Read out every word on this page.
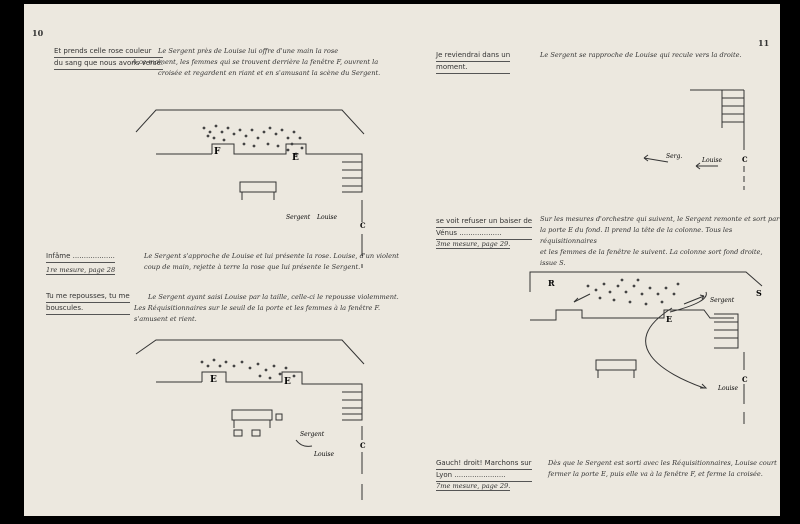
10
Et prends celle rose couleur
du sang que nous avons versé.
Le Sergent près de Louise lui offre d'une main la rose
A ce moment, les femmes qui se trouvent derrière la fenêtre F, ouvrent la
croisée et regardent en riant et en s'amusant la scène du Sergent.
Infâme ...................
1re mesure, page 28
Le Sergent s'approche de Louise et lui présente la rose. Louise, d'un violent
coup de main, rejette à terre la rose que lui présente le Sergent.
Tu me repousses, tu me
bouscules.
Le Sergent ayant saisi Louise par la taille, celle-ci le repousse violemment.
Les Réquisitionnaires sur le seuil de la porte et les femmes à la fenêtre F.
s'amusent et rient.
F
E
C
Sergent Louise
E	E
C
Sergent
Louise
11
Je reviendrai dans un
moment.
Le Sergent se rapproche de Louise qui recule vers la droite.
se voit refuser un baiser de
Vénus ...................
3me mesure, page 29.
Sur les mesures d'orchestre qui suivent, le Sergent remonte et sort par
la porte E du fond. Il prend la tête de la colonne. Tous les réquisitionnaires
et les femmes de la fenêtre le suivent. La colonne sort fond droite, issue S.
Gauch! droit! Marchons sur
Lyon .......................
7me mesure, page 29.
Dès que le Sergent est sorti avec les Réquisitionnaires, Louise court
fermer la porte E, puis elle va à la fenêtre F, et ferme la croisée.
C
Serg.
Louise
R
S
E
Sergent
Louise
C
